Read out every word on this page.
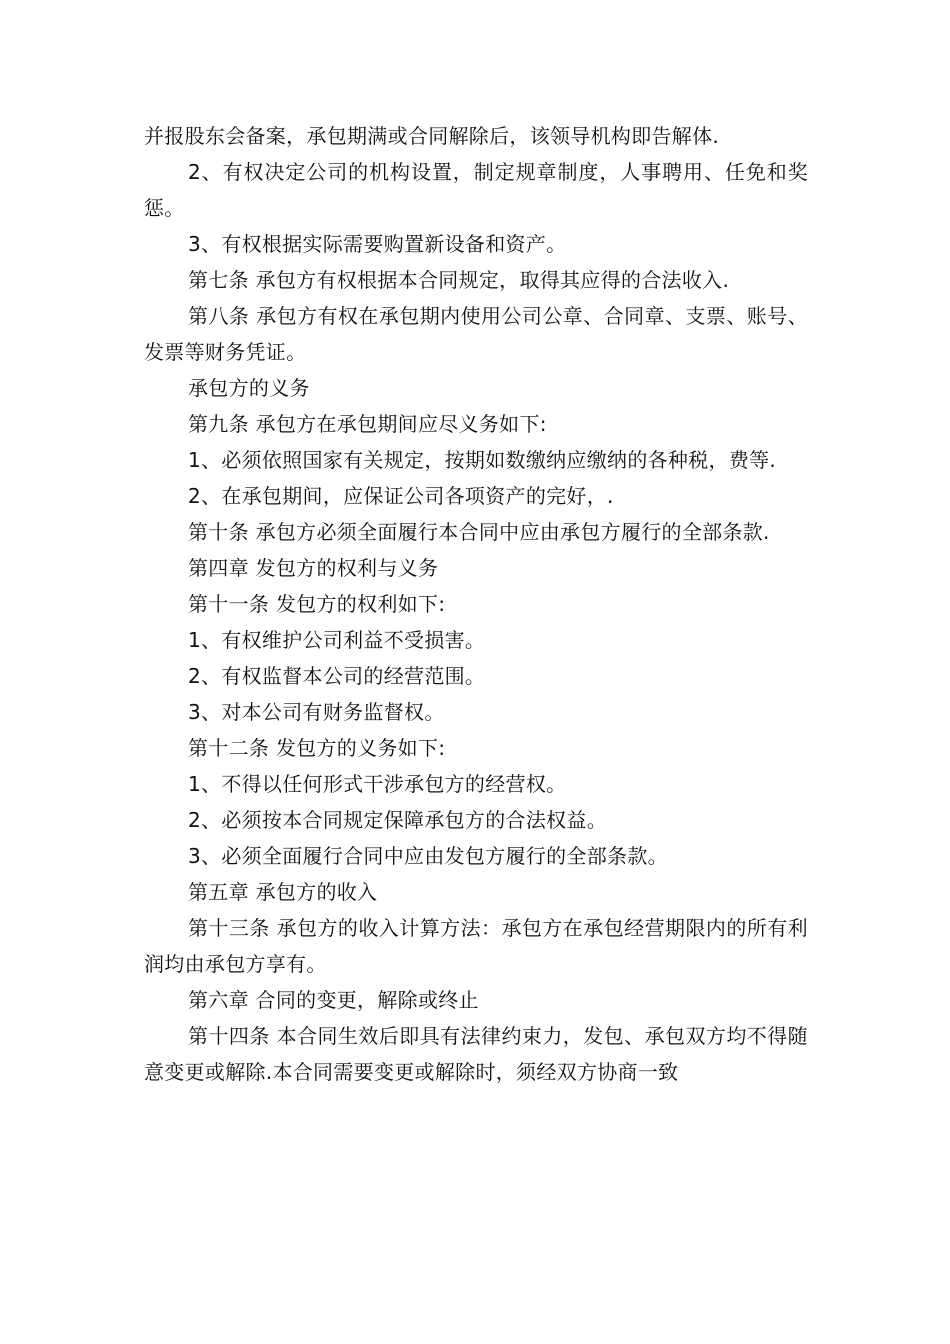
并报股东会备案，承包期满或合同解除后，该领导机构即告解体.

2、有权决定公司的机构设置，制定规章制度，人事聘用、任免和奖惩。

3、有权根据实际需要购置新设备和资产。

第七条 承包方有权根据本合同规定，取得其应得的合法收入.

第八条 承包方有权在承包期内使用公司公章、合同章、支票、账号、发票等财务凭证。

承包方的义务

第九条 承包方在承包期间应尽义务如下:

1、必须依照国家有关规定，按期如数缴纳应缴纳的各种税，费等.

2、在承包期间，应保证公司各项资产的完好，.

第十条 承包方必须全面履行本合同中应由承包方履行的全部条款.

第四章 发包方的权利与义务

第十一条 发包方的权利如下:

1、有权维护公司利益不受损害。

2、有权监督本公司的经营范围。

3、对本公司有财务监督权。

第十二条 发包方的义务如下:

1、不得以任何形式干涉承包方的经营权。

2、必须按本合同规定保障承包方的合法权益。

3、必须全面履行合同中应由发包方履行的全部条款。

第五章 承包方的收入

第十三条 承包方的收入计算方法：承包方在承包经营期限内的所有利润均由承包方享有。

第六章 合同的变更，解除或终止

第十四条 本合同生效后即具有法律约束力，发包、承包双方均不得随意变更或解除.本合同需要变更或解除时，须经双方协商一致
